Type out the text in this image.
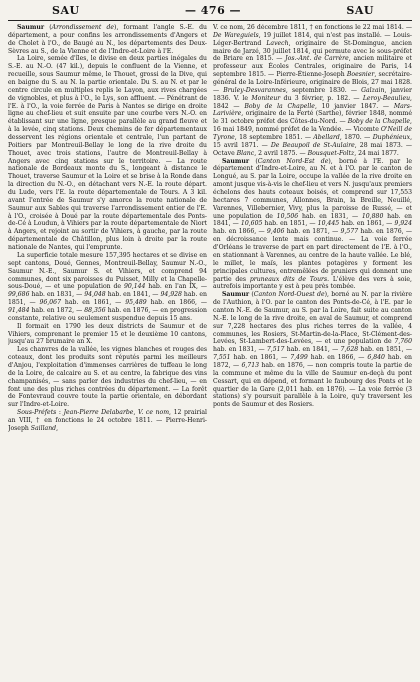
SAU	— 476 —	SAU

Saumur (Arrondissement de), formant l'angle S.-E. du département, a pour confins les arrondissements d'Angers et de Cholet à l'O., de Baugé au N., les départements des Deux-Sèvres au S., de la Vienne et de l'Indre-et-Loire à l'E.

La Loire, semée d'îles, le divise en deux parties inégales du S.-E. au N.-O. (47 kil.), depuis le confluent de la Vienne, et recueille, sous Saumur même, le Thouet, grossi de la Dive, qui en baigne du S. au N. la partie orientale. Du S. au N. et par le centre circule en multiples replis le Layon, aux rives chargées de vignobles, et plus à l'O., le Lys, son affluent. — Pénétrant de l'E. à l'O., la voie ferrée de Paris à Nantes se dirige en droite ligne au chef-lieu et suit ensuite par une courbe vers N.-O. en établissant sur une ligne, presque parallèle au grand fleuve et à la levée, cinq stations. Deux chemins de fer départementaux desservent les régions orientale et centrale, l'un partant de Poitiers par Montreuil-Bellay le long de la rive droite du Thouet, avec trois stations, l'autre de Montreuil-Bellay à Angers avec cinq stations sur le territoire. — La route nationale de Bordeaux monte du S., longeant à distance le Thouet, traverse Saumur et la Loire et se brise à la Ronde dans la direction du N.-O., en détachant vers N.-E. la route départ. du Lude, vers l'E. la route départementale de Tours. A 3 kil. avant l'entrée de Saumur s'y amorce la route nationale de Saumur aux Sables qui traverse l'arrondissement entier de l'E. à l'O., croisée à Doué par la route départementale des Ponts-de-Cé à Loudun, à Vihiers par la route départementale de Niort à Angers, et rejoint au sortir de Vihiers, à gauche, par la route départementale de Châtillon, plus loin à droite par la route nationale de Nantes, qui l'emprunte.

La superficie totale mesure 157,395 hectares et se divise en sept cantons, Doué, Gennes, Montreuil-Bellay, Saumur N.-O., Saumur N.-E., Saumur S. et Vihiers, et comprend 94 communes, dont six paroisses du Puisset, Milly et la Chapelle-sous-Doué, — et une population de 90,144 hab. en l'an IX, — 99,686 hab. en 1831, — 94,048 hab. en 1841, — 94,928 hab. en 1851, — 96,067 hab. en 1861, — 95,489 hab. en 1866, — 91,484 hab. en 1872, — 88,356 hab. en 1876, — en progression constante, relative ou seulement suspendue depuis 15 ans.

Il formait en 1790 les deux districts de Saumur et de Vihiers, comprenant le premier 15 et le deuxième 10 cantons, jusqu'au 27 brumaire an X.

Les chanvres de la vallée, les vignes blanches et rouges des coteaux, dont les produits sont réputés parmi les meilleurs d'Anjou, l'exploitation d'immenses carrières de tuffeau le long de la Loire, de calcaire au S. et au centre, la fabrique des vins champanisés, — sans parler des industries du chef-lieu, — en font une des plus riches contrées du département. — La forêt de Fontevraud couvre toute la partie orientale, en débordant sur l'Indre-et-Loire.

Sous-Préfets : Jean-Pierre Delabarbe, V. ce nom, 12 prairial an VIII, † en fonctions le 24 octobre 1811. — Pierre-Henri-Joseph Sailland,

V. ce nom, 26 décembre 1811, † en fonctions le 22 mai 1814. — De Wareguiels, 19 juillet 1814, qui n'est pas installé. — Louis-Léger-Bertrand Lavech, originaire de St-Domingue, ancien maire de Jarzé, 30 juillet 1814, qui permute avec le sous-préfet de Briare en 1815. — Jos.-Ant. de Carrère, ancien militaire et professeur aux Écoles Centrales, originaire de Paris, 14 septembre 1815. — Pierre-Étienne-Joseph Boesnier, secrétaire-général de la Loire-Inférieure, originaire de Blois, 27 mai 1828. — Bruley-Desvarannes, septembre 1830. — Galzain, janvier 1836. V. le Moniteur du 3 février, p. 182. — Leroy-Beaulieu, 1842 — Boby de la Chapelle, 10 janvier 1847. — Mars-Larivière, originaire de la Ferté (Sarthe), février 1848, nommé le 31 octobre préfet des Côtes-du-Nord. — Boby de la Chapelle, 16 mai 1849, nommé préfet de la Vendée. — Vicomte O'Neill de Tyrone, 18 septembre 1851. — Abellard, 1870. — Duphénieux, 15 avril 1871. — De Beaupoil de St-Aulaire, 28 mai 1873. — Octave Blanc, 2 avril 1875. — Bousquet-Foltz, 24 mai 1877.

Saumur (Canton Nord-Est de), borné à l'E. par le département d'Indre-et-Loire, au N. et à l'O. par le canton de Longué, au S. par la Loire, occupe la vallée de la rive droite en amont jusque vis-à-vis le chef-lieu et vers N. jusqu'aux premiers échelons des hauts coteaux boisés, et comprend sur 17,553 hectares 7 communes, Allonnes, Brain, la Breille, Neuillé, Varennes, Villebernier, Vivy, plus la paroisse de Russé, — et une population de 10,506 hab. en 1831, — 10,880 hab. en 1841, — 10,605 hab. en 1851, — 10,445 hab. en 1861, — 9,924 hab. en 1866, — 9,406 hab. en 1871, — 9,577 hab. en 1876, — en décroissance lente mais continue. — La voie ferrée d'Orléans le traverse de part en part directement de l'E. à l'O., en stationnant à Varennes, au centre de la haute vallée. Le blé, le millet, le maïs, les plantes potagères y forment les principales cultures, entremêlées de pruniers qui donnent une partie des pruneaux dits de Tours. L'élève des vers à soie, autrefois importante y est à peu près tombée.

Saumur (Canton Nord-Ouest de), borné au N. par la rivière de l'Authion, à l'O. par le canton des Ponts-de-Cé, à l'E. par le canton N.-E. de Saumur, au S. par la Loire, fait suite au canton N.-E. le long de la rive droite, en aval de Saumur, et comprend sur 7,228 hectares des plus riches terres de la vallée, 4 communes, les Rosiers, St-Martin-de-la-Place, St-Clément-des-Levées, St-Lambert-des-Levées, — et une population de 7,760 hab. en 1831, — 7,517 hab. en 1841, — 7,628 hab. en 1851, — 7,551 hab. en 1861, — 7,499 hab. en 1866, — 6,840 hab. en 1872, — 6,713 hab. en 1876, — non compris toute la partie de la commune et même du la ville de Saumur en-deçà du pont Cessart, qui en dépend, et formant le faubourg des Ponts et le quartier de la Gare (2,011 hab. en 1876). — La voie ferrée (3 stations) s'y poursuit parallèle à la Loire, qu'y traversent les ponts de Saumur et des Rosiers.
